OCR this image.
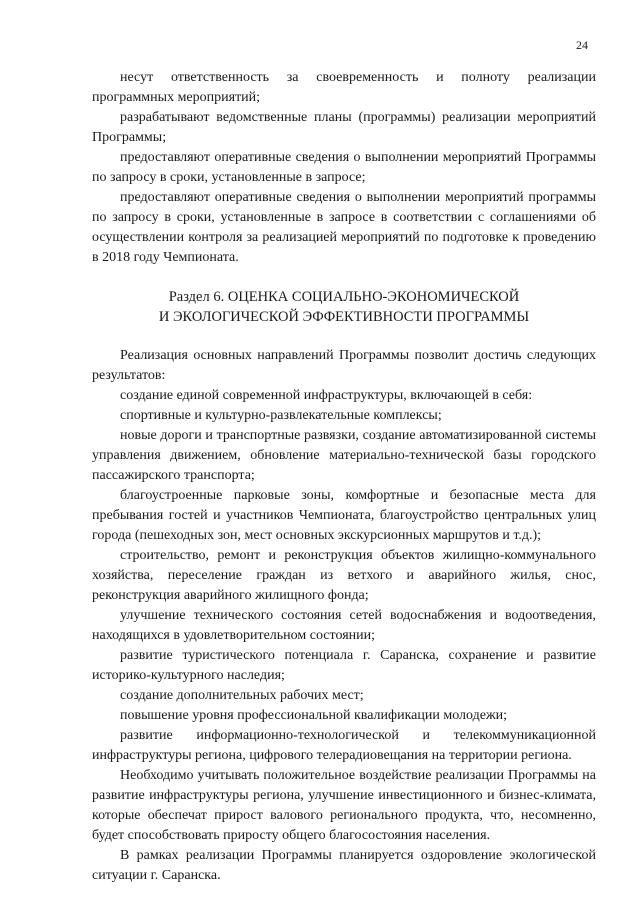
24

несут ответственность за своевременность и полноту реализации программных мероприятий;

разрабатывают ведомственные планы (программы) реализации мероприятий Программы;

предоставляют оперативные сведения о выполнении мероприятий Программы по запросу в сроки, установленные в запросе;

предоставляют оперативные сведения о выполнении мероприятий программы по запросу в сроки, установленные в запросе в соответствии с соглашениями об осуществлении контроля за реализацией мероприятий по подготовке к проведению в 2018 году Чемпионата.

Раздел 6. ОЦЕНКА СОЦИАЛЬНО-ЭКОНОМИЧЕСКОЙ
И ЭКОЛОГИЧЕСКОЙ ЭФФЕКТИВНОСТИ ПРОГРАММЫ

Реализация основных направлений Программы позволит достичь следующих результатов:

создание единой современной инфраструктуры, включающей в себя:

спортивные и культурно-развлекательные комплексы;

новые дороги и транспортные развязки, создание автоматизированной системы управления движением, обновление материально-технической базы городского пассажирского транспорта;

благоустроенные парковые зоны, комфортные и безопасные места для пребывания гостей и участников Чемпионата, благоустройство центральных улиц города (пешеходных зон, мест основных экскурсионных маршрутов и т.д.);

строительство, ремонт и реконструкция объектов жилищно-коммунального хозяйства, переселение граждан из ветхого и аварийного жилья, снос, реконструкция аварийного жилищного фонда;

улучшение технического состояния сетей водоснабжения и водоотведения, находящихся в удовлетворительном состоянии;

развитие туристического потенциала г. Саранска, сохранение и развитие историко-культурного наследия;

создание дополнительных рабочих мест;

повышение уровня профессиональной квалификации молодежи;

развитие информационно-технологической и телекоммуникационной инфраструктуры региона, цифрового телерадиовещания на территории региона.

Необходимо учитывать положительное воздействие реализации Программы на развитие инфраструктуры региона, улучшение инвестиционного и бизнес-климата, которые обеспечат прирост валового регионального продукта, что, несомненно, будет способствовать приросту общего благосостояния населения.

В рамках реализации Программы планируется оздоровление экологической ситуации г. Саранска.
